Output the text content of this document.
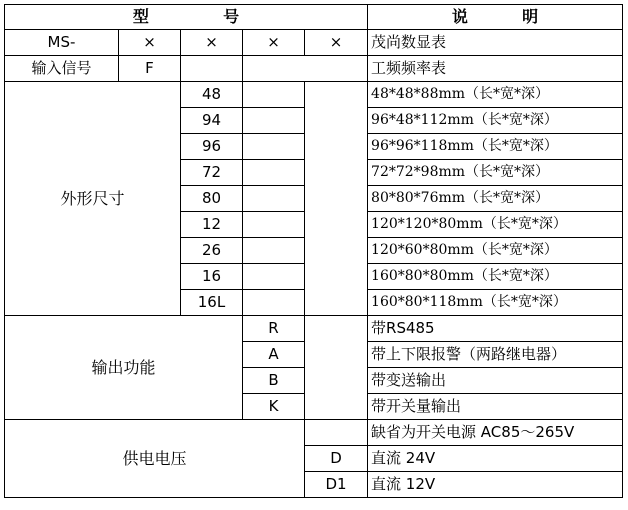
型 号					说 明
MS-	×	×	×	×	茂尚数显表
输入信号	F				工频频率表
外形尺寸		48			48*48*88mm（长*宽*深）
		94			96*48*112mm（长*宽*深）
		96			96*96*118mm（长*宽*深）
		72			72*72*98mm（长*宽*深）
		80			80*80*76mm（长*宽*深）
		12			120*120*80mm（长*宽*深）
		26			120*60*80mm（长*宽*深）
		16			160*80*80mm（长*宽*深）
		16L			160*80*118mm（长*宽*深）
输出功能			R		带RS485
			A		带上下限报警（两路继电器）
			B		带变送输出
			K		带开关量输出
供电电压					缺省为开关电源 AC85～265V
				D	直流 24V
				D1	直流 12V
